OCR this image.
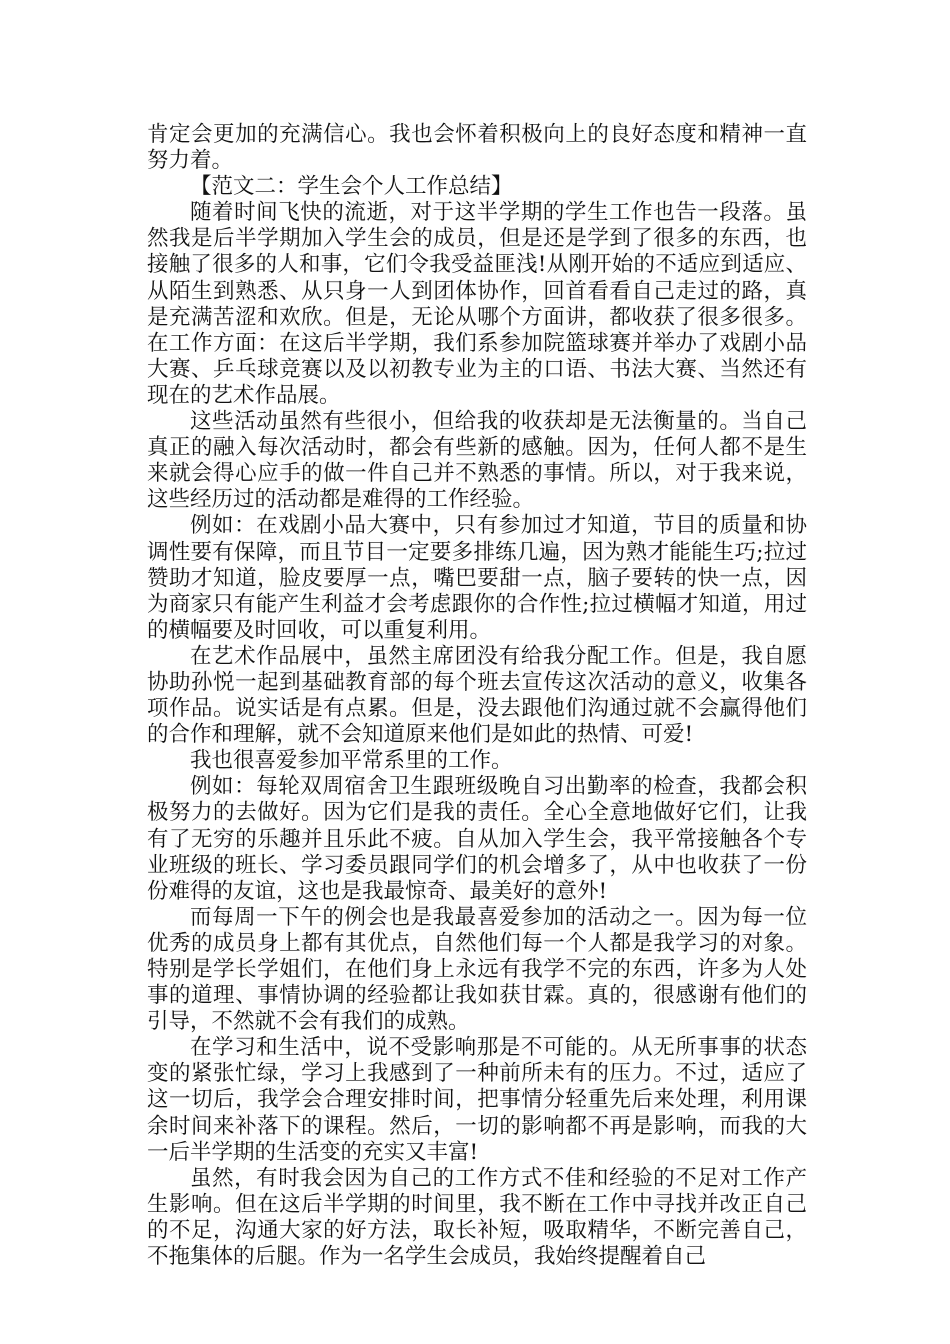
肯定会更加的充满信心。我也会怀着积极向上的良好态度和精神一直努力着。

【范文二：学生会个人工作总结】

随着时间飞快的流逝，对于这半学期的学生工作也告一段落。虽然我是后半学期加入学生会的成员，但是还是学到了很多的东西，也接触了很多的人和事，它们令我受益匪浅!从刚开始的不适应到适应、从陌生到熟悉、从只身一人到团体协作，回首看看自己走过的路，真是充满苦涩和欢欣。但是，无论从哪个方面讲，都收获了很多很多。在工作方面：在这后半学期，我们系参加院篮球赛并举办了戏剧小品大赛、乒乓球竞赛以及以初教专业为主的口语、书法大赛、当然还有现在的艺术作品展。

这些活动虽然有些很小，但给我的收获却是无法衡量的。当自己真正的融入每次活动时，都会有些新的感触。因为，任何人都不是生来就会得心应手的做一件自己并不熟悉的事情。所以，对于我来说，这些经历过的活动都是难得的工作经验。

例如：在戏剧小品大赛中，只有参加过才知道，节目的质量和协调性要有保障，而且节目一定要多排练几遍，因为熟才能能生巧;拉过赞助才知道，脸皮要厚一点，嘴巴要甜一点，脑子要转的快一点，因为商家只有能产生利益才会考虑跟你的合作性;拉过横幅才知道，用过的横幅要及时回收，可以重复利用。

在艺术作品展中，虽然主席团没有给我分配工作。但是，我自愿协助孙悦一起到基础教育部的每个班去宣传这次活动的意义，收集各项作品。说实话是有点累。但是，没去跟他们沟通过就不会赢得他们的合作和理解，就不会知道原来他们是如此的热情、可爱!

我也很喜爱参加平常系里的工作。

例如：每轮双周宿舍卫生跟班级晚自习出勤率的检查，我都会积极努力的去做好。因为它们是我的责任。全心全意地做好它们，让我有了无穷的乐趣并且乐此不疲。自从加入学生会，我平常接触各个专业班级的班长、学习委员跟同学们的机会增多了，从中也收获了一份份难得的友谊，这也是我最惊奇、最美好的意外!

而每周一下午的例会也是我最喜爱参加的活动之一。因为每一位优秀的成员身上都有其优点，自然他们每一个人都是我学习的对象。特别是学长学姐们，在他们身上永远有我学不完的东西，许多为人处事的道理、事情协调的经验都让我如获甘霖。真的，很感谢有他们的引导，不然就不会有我们的成熟。

在学习和生活中，说不受影响那是不可能的。从无所事事的状态变的紧张忙绿，学习上我感到了一种前所未有的压力。不过，适应了这一切后，我学会合理安排时间，把事情分轻重先后来处理，利用课余时间来补落下的课程。然后，一切的影响都不再是影响，而我的大一后半学期的生活变的充实又丰富!

虽然，有时我会因为自己的工作方式不佳和经验的不足对工作产生影响。但在这后半学期的时间里，我不断在工作中寻找并改正自己的不足，沟通大家的好方法，取长补短，吸取精华，不断完善自己，不拖集体的后腿。作为一名学生会成员，我始终提醒着自己
